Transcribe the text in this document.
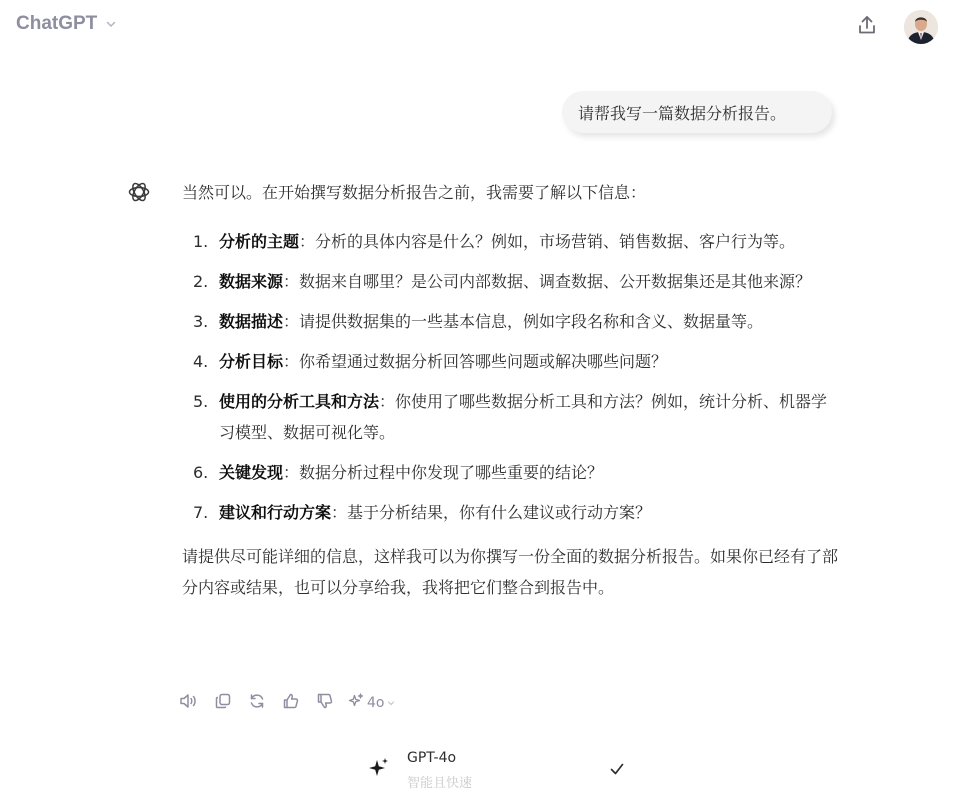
ChatGPT
请帮我写一篇数据分析报告。

当然可以。在开始撰写数据分析报告之前，我需要了解以下信息：

1. 分析的主题：分析的具体内容是什么？例如，市场营销、销售数据、客户行为等。
2. 数据来源：数据来自哪里？是公司内部数据、调查数据、公开数据集还是其他来源？
3. 数据描述：请提供数据集的一些基本信息，例如字段名称和含义、数据量等。
4. 分析目标：你希望通过数据分析回答哪些问题或解决哪些问题？
5. 使用的分析工具和方法：你使用了哪些数据分析工具和方法？例如，统计分析、机器学习模型、数据可视化等。
6. 关键发现：数据分析过程中你发现了哪些重要的结论？
7. 建议和行动方案：基于分析结果，你有什么建议或行动方案？

请提供尽可能详细的信息，这样我可以为你撰写一份全面的数据分析报告。如果你已经有了部分内容或结果，也可以分享给我，我将把它们整合到报告中。

4o
GPT-4o
智能且快速
